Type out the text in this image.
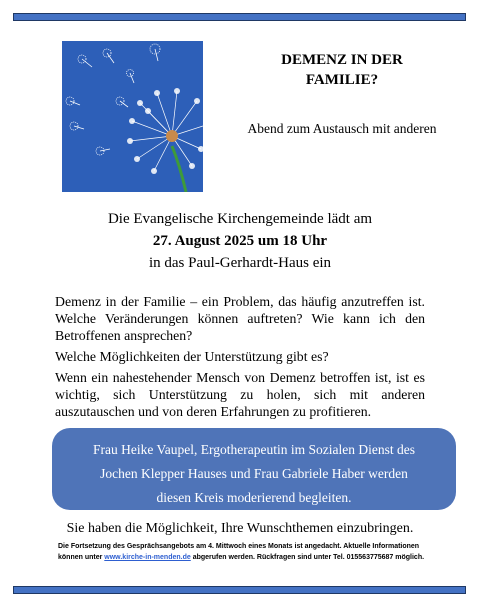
DEMENZ IN DER
FAMILIE?
Abend zum Austausch mit anderen
Die Evangelische Kirchengemeinde lädt am
27. August 2025 um 18 Uhr
in das Paul-Gerhardt-Haus ein

Demenz in der Familie – ein Problem, das häufig anzutreffen ist. Welche Veränderungen können auftreten? Wie kann ich den Betroffenen ansprechen?

Welche Möglichkeiten der Unterstützung gibt es?

Wenn ein nahestehender Mensch von Demenz betroffen ist, ist es wichtig, sich Unterstützung zu holen, sich mit anderen auszutauschen und von deren Erfahrungen zu profitieren.

Frau Heike Vaupel, Ergotherapeutin im Sozialen Dienst des
Jochen Klepper Hauses und Frau Gabriele Haber werden
diesen Kreis moderierend begleiten.
Sie haben die Möglichkeit, Ihre Wunschthemen einzubringen.
Die Fortsetzung des Gesprächsangebots am 4. Mittwoch eines Monats ist angedacht. Aktuelle Informationen
können unter www.kirche-in-menden.de abgerufen werden. Rückfragen sind unter Tel. 015563775687 möglich.
